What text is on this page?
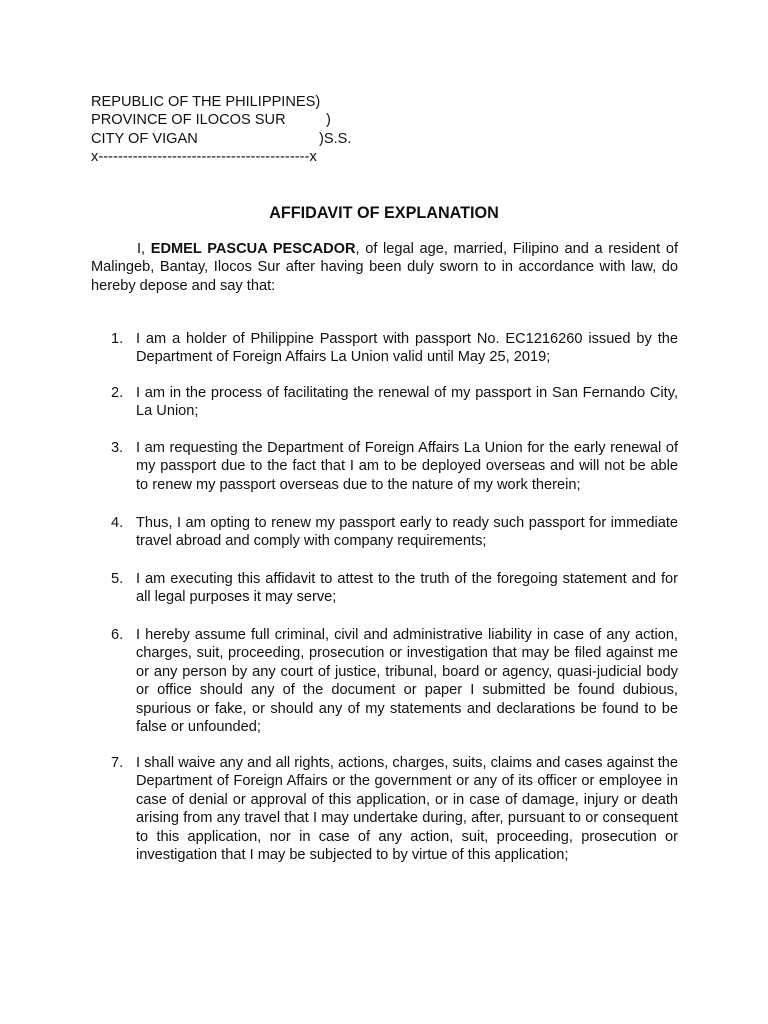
REPUBLIC OF THE PHILIPPINES)
PROVINCE OF ILOCOS SUR	)
CITY OF VIGAN	)S.S.
x-------------------------------------------x
AFFIDAVIT OF EXPLANATION
I, EDMEL PASCUA PESCADOR, of legal age, married, Filipino and a resident of Malingeb, Bantay, Ilocos Sur after having been duly sworn to in accordance with law, do hereby depose and say that:
1. I am a holder of Philippine Passport with passport No. EC1216260 issued by the Department of Foreign Affairs La Union valid until May 25, 2019;
2. I am in the process of facilitating the renewal of my passport in San Fernando City, La Union;
3. I am requesting the Department of Foreign Affairs La Union for the early renewal of my passport due to the fact that I am to be deployed overseas and will not be able to renew my passport overseas due to the nature of my work therein;
4. Thus, I am opting to renew my passport early to ready such passport for immediate travel abroad and comply with company requirements;
5. I am executing this affidavit to attest to the truth of the foregoing statement and for all legal purposes it may serve;
6. I hereby assume full criminal, civil and administrative liability in case of any action, charges, suit, proceeding, prosecution or investigation that may be filed against me or any person by any court of justice, tribunal, board or agency, quasi-judicial body or office should any of the document or paper I submitted be found dubious, spurious or fake, or should any of my statements and declarations be found to be false or unfounded;
7. I shall waive any and all rights, actions, charges, suits, claims and cases against the Department of Foreign Affairs or the government or any of its officer or employee in case of denial or approval of this application, or in case of damage, injury or death arising from any travel that I may undertake during, after, pursuant to or consequent to this application, nor in case of any action, suit, proceeding, prosecution or investigation that I may be subjected to by virtue of this application;
